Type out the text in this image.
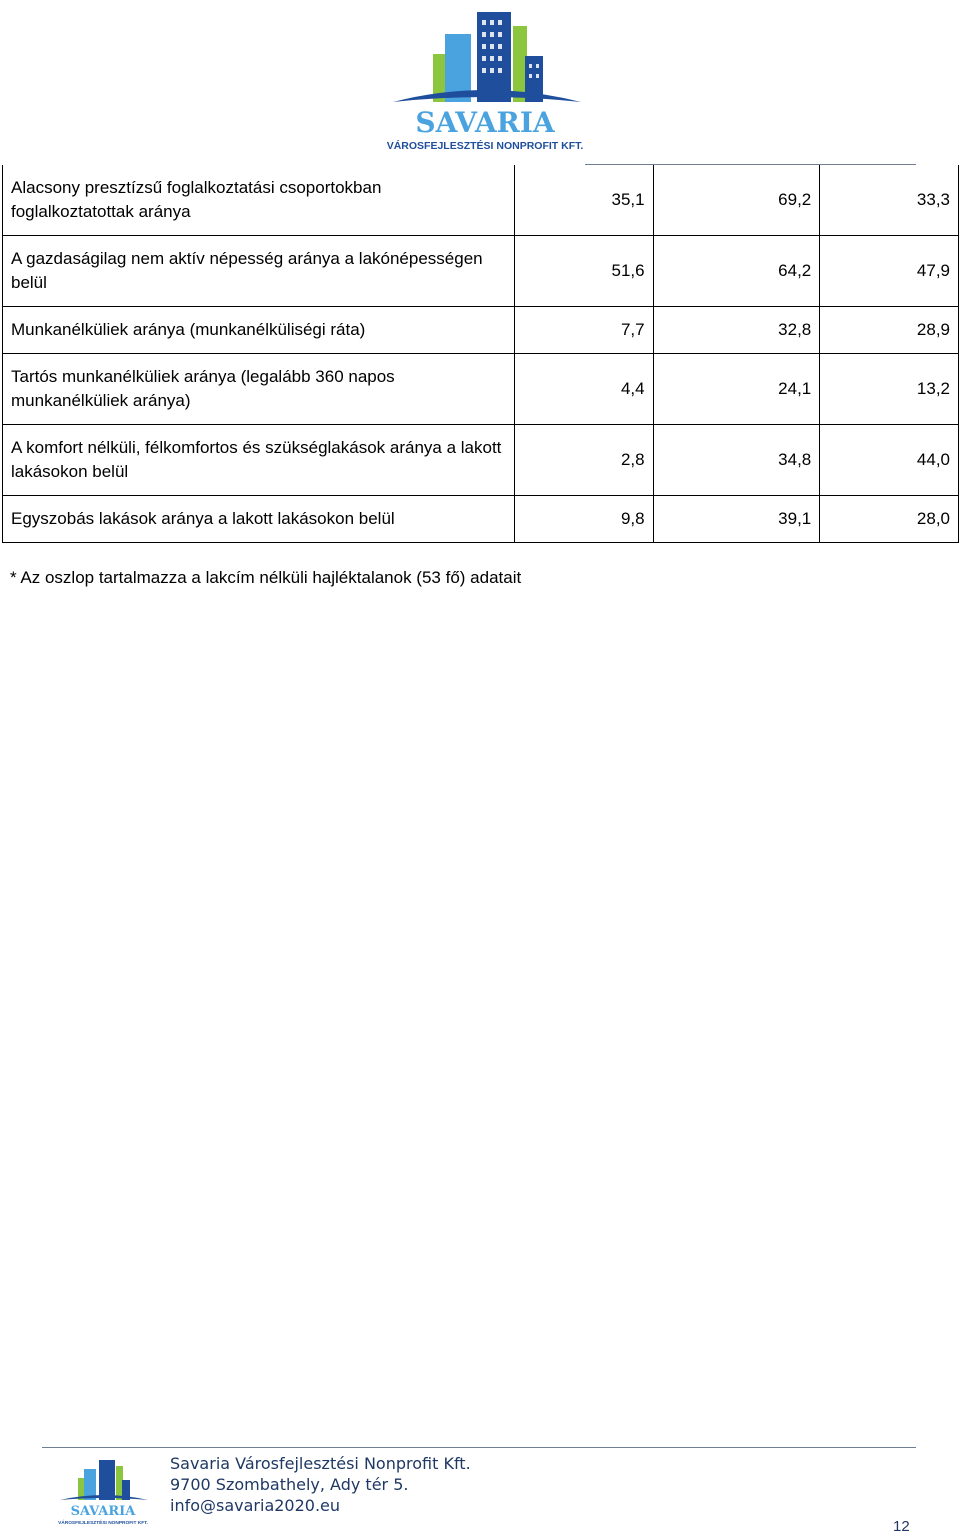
SAVARIA
VÁROSFEJLESZTÉSI NONPROFIT KFT.
Alacsony presztízsű foglalkoztatási csoportokban foglalkoztatottak aránya	35,1	69,2	33,3
A gazdaságilag nem aktív népesség aránya a lakónépességen belül	51,6	64,2	47,9
Munkanélküliek aránya (munkanélküliségi ráta)	7,7	32,8	28,9
Tartós munkanélküliek aránya (legalább 360 napos munkanélküliek aránya)	4,4	24,1	13,2
A komfort nélküli, félkomfortos és szükséglakások aránya a lakott lakásokon belül	2,8	34,8	44,0
Egyszobás lakások aránya a lakott lakásokon belül	9,8	39,1	28,0
* Az oszlop tartalmazza a lakcím nélküli hajléktalanok (53 fő) adatait
SAVARIA
VÁROSFEJLESZTÉSI NONPROFIT KFT.
Savaria Városfejlesztési Nonprofit Kft.
9700 Szombathely, Ady tér 5.
info@savaria2020.eu
12
